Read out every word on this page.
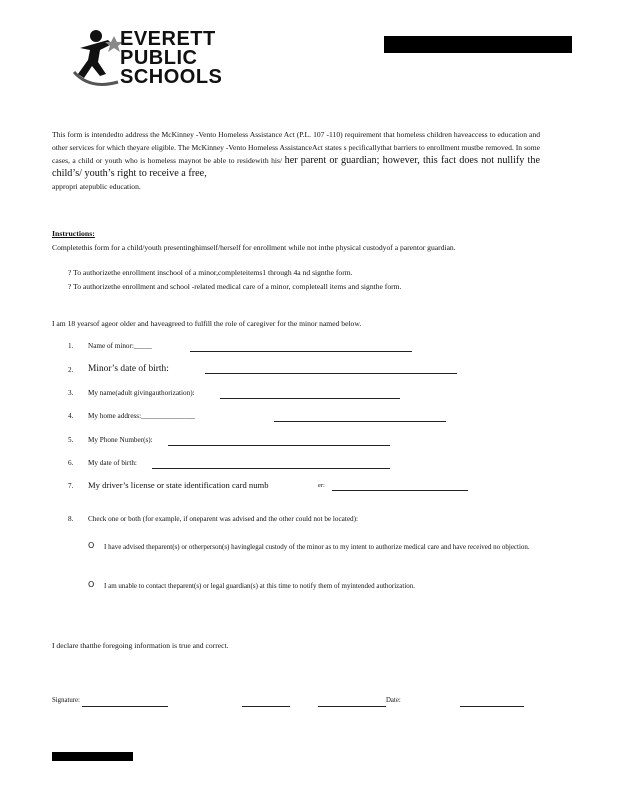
EVERETT
PUBLIC
SCHOOLS
This form is intendedto address the McKinney -Vento Homeless Assistance Act (P.L. 107 -110) requirement that homeless children haveaccess to education and other services for which theyare eligible. The McKinney -Vento Homeless AssistanceAct states s pecificallythat barriers to enrollment mustbe removed. In some cases, a child or youth who is homeless maynot be able to residewith his/ her parent or guardian; however, this fact does not nullify the child’s/ youth’s right to receive a free,
appropri atepublic education.
Instructions:
Completethis form for a child/youth presentinghimself/herself for enrollment while not inthe physical custodyof a parentor guardian.
? To authorizethe enrollment inschool of a minor,completeitems1 through 4a nd signthe form.
? To authorizethe enrollment and school -related medical care of a minor, completeall items and signthe form.
I am 18 yearsof ageor older and haveagreed to fulfill the role of caregiver for the minor named below.
1. Name of minor:_____
2. Minor’s date of birth:
3. My name(adult givingauthorization):
4. My home address:_______________
5. My Phone Number(s):
6. My date of birth:
7. My driver’s license or state identification card numb	er:
8. Check one or both (for example, if oneparent was advised and the other could not be located):
O I have advised theparent(s) or otherperson(s) havinglegal custody of the minor as to my intent to authorize medical care and have received no objection.
O I am unable to contact theparent(s) or legal guardian(s) at this time to notify them of myintended authorization.
I declare thatthe foregoing information is true and correct.
Signature:	Date:
